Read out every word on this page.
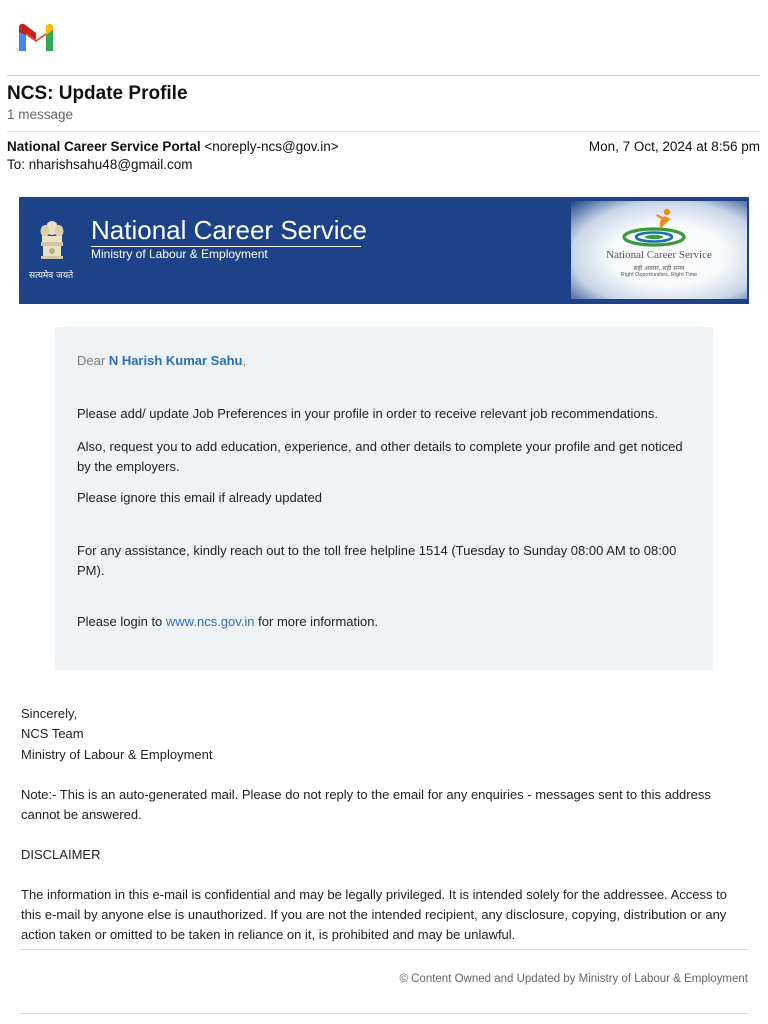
NCS: Update Profile
1 message
National Career Service Portal <noreply-ncs@gov.in>
To: nharishsahu48@gmail.com
Mon, 7 Oct, 2024 at 8:56 pm
सत्यमेव जयते
National Career Service
Ministry of Labour & Employment	National Career Service
सही अवसर, सही समय
Right Opportunities, Right Time

Dear N Harish Kumar Sahu,

Please add/ update Job Preferences in your profile in order to receive relevant job recommendations.

Also, request you to add education, experience, and other details to complete your profile and get noticed by the employers.

Please ignore this email if already updated

For any assistance, kindly reach out to the toll free helpline 1514 (Tuesday to Sunday 08:00 AM to 08:00 PM).

Please login to www.ncs.gov.in for more information.

Sincerely,
NCS Team
Ministry of Labour & Employment

Note:- This is an auto-generated mail. Please do not reply to the email for any enquiries - messages sent to this address cannot be answered.

DISCLAIMER

The information in this e-mail is confidential and may be legally privileged. It is intended solely for the addressee. Access to this e-mail by anyone else is unauthorized. If you are not the intended recipient, any disclosure, copying, distribution or any action taken or omitted to be taken in reliance on it, is prohibited and may be unlawful.

© Content Owned and Updated by Ministry of Labour & Employment
